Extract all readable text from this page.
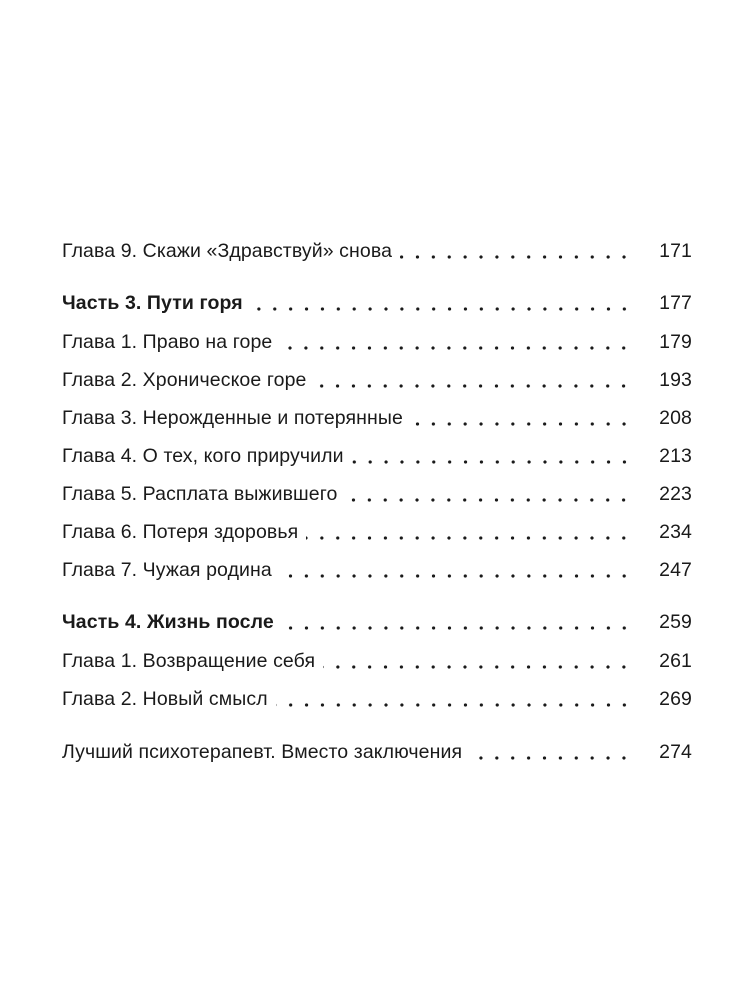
Глава 9. Скажи «Здравствуй» снова	171
Часть 3. Пути горя	177
Глава 1. Право на горе	179
Глава 2. Хроническое горе	193
Глава 3. Нерожденные и потерянные	208
Глава 4. О тех, кого приручили	213
Глава 5. Расплата выжившего	223
Глава 6. Потеря здоровья	234
Глава 7. Чужая родина	247
Часть 4. Жизнь после	259
Глава 1. Возвращение себя	261
Глава 2. Новый смысл	269
Лучший психотерапевт. Вместо заключения	274
